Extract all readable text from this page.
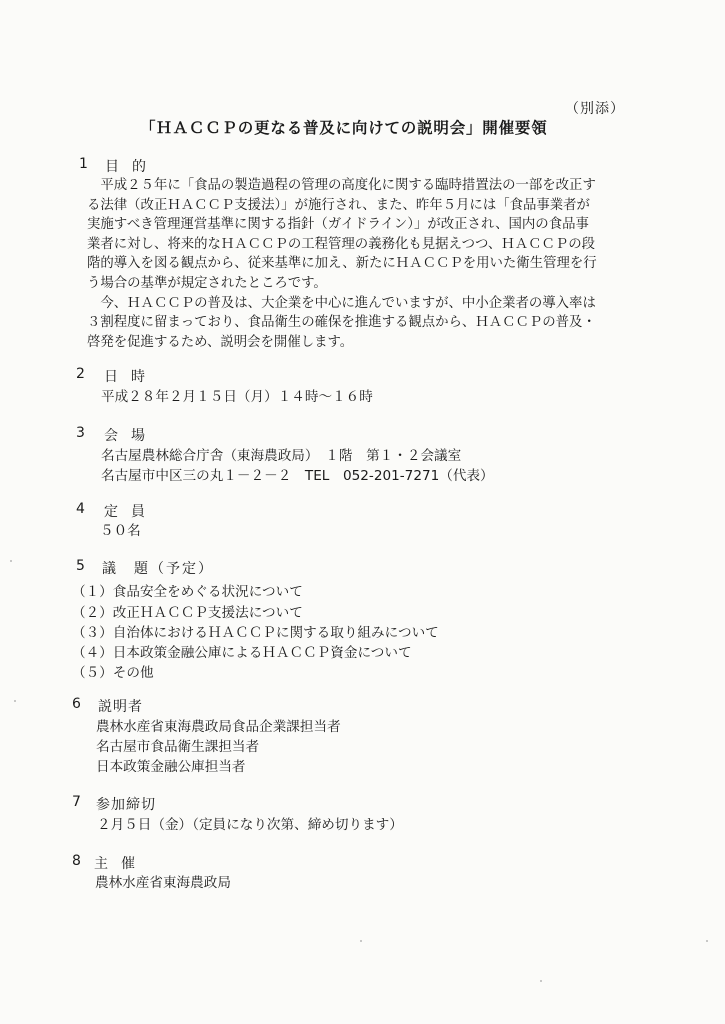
（別添）
「ＨＡＣＣＰの更なる普及に向けての説明会」開催要領
1 目的
　平成２５年に「食品の製造過程の管理の高度化に関する臨時措置法の一部を改正す
る法律（改正ＨＡＣＣＰ支援法）」が施行され、また、昨年５月には「食品事業者が
実施すべき管理運営基準に関する指針（ガイドライン）」が改正され、国内の食品事
業者に対し、将来的なＨＡＣＣＰの工程管理の義務化も見据えつつ、ＨＡＣＣＰの段
階的導入を図る観点から、従来基準に加え、新たにＨＡＣＣＰを用いた衛生管理を行
う場合の基準が規定されたところです。
　今、ＨＡＣＣＰの普及は、大企業を中心に進んでいますが、中小企業者の導入率は
３割程度に留まっており、食品衛生の確保を推進する観点から、ＨＡＣＣＰの普及・
啓発を促進するため、説明会を開催します。
2 日時
平成２８年２月１５日（月）１４時～１６時
3 会場
名古屋農林総合庁舎（東海農政局）　１階　第１・２会議室
名古屋市中区三の丸１－２－２　TEL　052-201-7271（代表）
4 定員
５０名
5 議　題（予定）
（１）食品安全をめぐる状況について
（２）改正ＨＡＣＣＰ支援法について
（３）自治体におけるＨＡＣＣＰに関する取り組みについて
（４）日本政策金融公庫によるＨＡＣＣＰ資金について
（５）その他
6 説明者
農林水産省東海農政局食品企業課担当者
名古屋市食品衛生課担当者
日本政策金融公庫担当者
7 参加締切
２月５日（金）（定員になり次第、締め切ります）
8 主催
農林水産省東海農政局
